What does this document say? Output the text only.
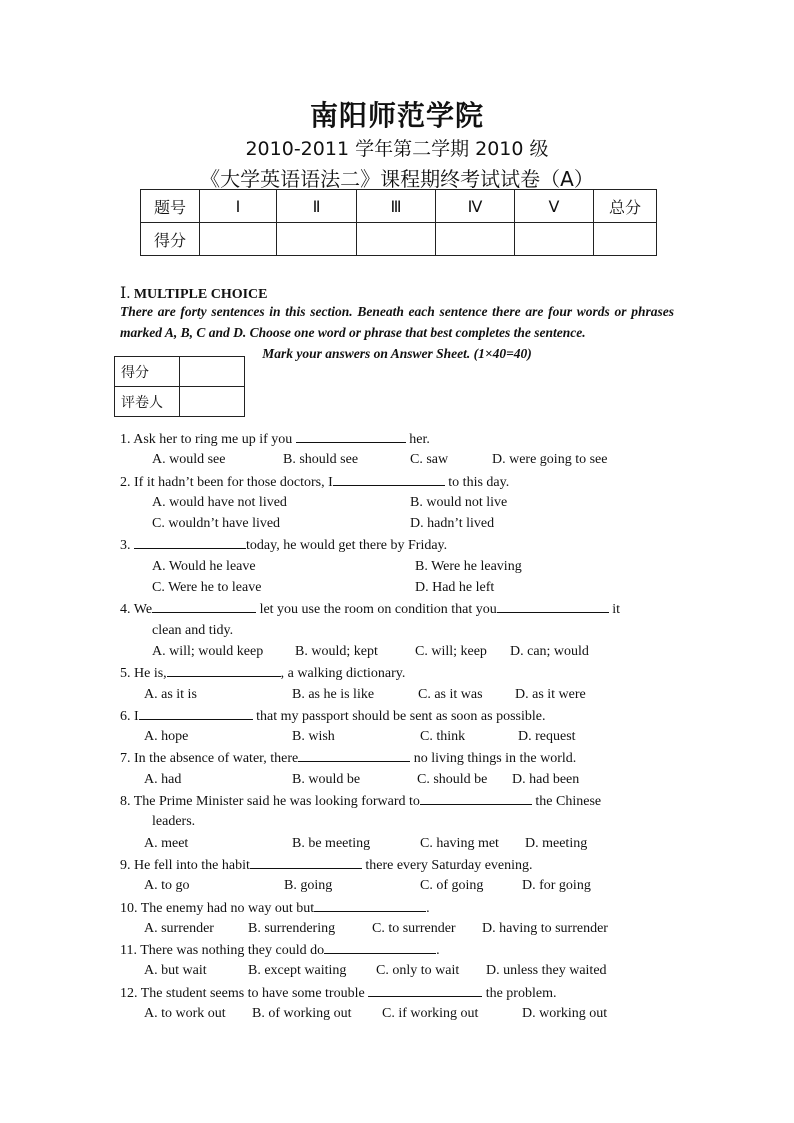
南阳师范学院
2010-2011 学年第二学期 2010 级
《大学英语语法二》课程期终考试试卷（A）
题号	Ⅰ	Ⅱ	Ⅲ	Ⅳ	Ⅴ	总分
得分						
Ⅰ. MULTIPLE CHOICE
There are forty sentences in this section. Beneath each sentence there are four words or phrases marked A, B, C and D. Choose one word or phrase that best completes the sentence.
Mark your answers on Answer Sheet. (1×40=40)
得分	
评卷人	
1. Ask her to ring me up if you	her.
A. would see	B. should see	C. saw	D. were going to see
2. If it hadn’t been for those doctors, I	to this day.
A. would have not lived	B. would not live
C. wouldn’t have lived	D. hadn’t lived
3.	today, he would get there by Friday.
A. Would he leave	B. Were he leaving
C. Were he to leave	D. Had he left
4. We	let you use the room on condition that you	it
clean and tidy.
A. will; would keep B. would; kept	C. will; keep D. can; would
5. He is,	, a walking dictionary.
A. as it is	B. as he is like	C. as it was D. as it were
6. I	that my passport should be sent as soon as possible.
A. hope	B. wish	C. think	D. request
7. In the absence of water, there	no living things in the world.
A. had	B. would be	C. should be D. had been
8. The Prime Minister said he was looking forward to	the Chinese
leaders.
A. meet	B. be meeting	C. having met D. meeting
9. He fell into the habit	there every Saturday evening.
A. to go	B. going	C. of going	D. for going
10. The enemy had no way out but	.
A. surrender B. surrendering	C. to surrender D. having to surrender
11. There was nothing they could do	.
A. but wait	B. except waiting C. only to wait D. unless they waited
12. The student seems to have some trouble	the problem.
A. to work out B. of working out C. if working out	D. working out
